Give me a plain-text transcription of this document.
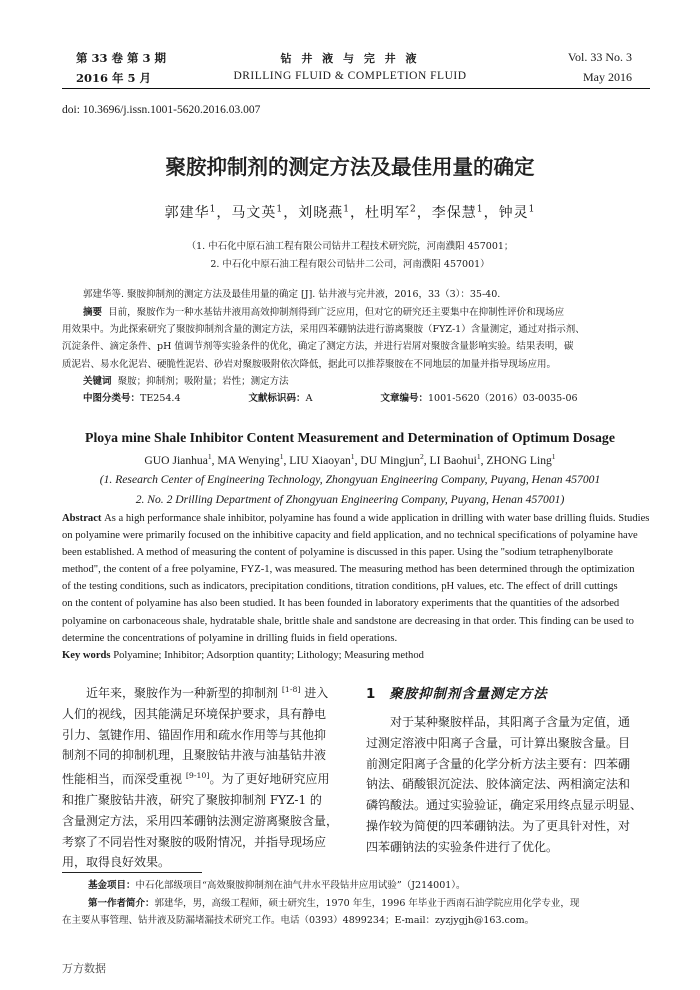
第 33 卷 第 3 期
2016 年 5 月
钻 井 液 与 完 井 液
DRILLING FLUID & COMPLETION FLUID
Vol. 33 No. 3
May 2016
doi: 10.3696/j.issn.1001-5620.2016.03.007
聚胺抑制剂的测定方法及最佳用量的确定
郭建华$^1$，马文英$^1$，刘晓燕$^1$，杜明军$^2$，李保慧$^1$，钟灵$^1$
（1. 中石化中原石油工程有限公司钻井工程技术研究院，河南濮阳 457001；
2. 中石化中原石油工程有限公司钻井二公司，河南濮阳 457001）
郭建华等. 聚胺抑制剂的测定方法及最佳用量的确定 [J]. 钻井液与完井液，2016，33（3）：35-40.
摘要 目前，聚胺作为一种水基钻井液用高效抑制剂得到广泛应用，但对它的研究还主要集中在抑制性评价和现场应
用效果中。为此探索研究了聚胺抑制剂含量的测定方法，采用四苯硼钠法进行游离聚胺（FYZ-1）含量测定，通过对指示剂、
沉淀条件、滴定条件、pH 值调节剂等实验条件的优化，确定了测定方法，并进行岩屑对聚胺含量影响实验。结果表明，碳
质泥岩、易水化泥岩、硬脆性泥岩、砂岩对聚胺吸附依次降低，据此可以推荐聚胺在不同地层的加量并指导现场应用。
关键词 聚胺；抑制剂；吸附量；岩性；测定方法
中图分类号：TE254.4	文献标识码：A	文章编号：1001-5620（2016）03-0035-06
Ploya mine Shale Inhibitor Content Measurement and Determination of Optimum Dosage
GUO Jianhua$^1$, MA Wenying$^1$, LIU Xiaoyan$^1$, DU Mingjun$^2$, LI Baohui$^1$, ZHONG Ling$^1$
(1. Research Center of Engineering Technology, Zhongyuan Engineering Company, Puyang, Henan 457001
2. No. 2 Drilling Department of Zhongyuan Engineering Company, Puyang, Henan 457001)
Abstract As a high performance shale inhibitor, polyamine has found a wide application in drilling with water base drilling fluids. Studies
on polyamine were primarily focused on the inhibitive capacity and field application, and no technical specifications of polyamine have
been established. A method of measuring the content of polyamine is discussed in this paper. Using the "sodium tetraphenylborate
method", the content of a free polyamine, FYZ-1, was measured. The measuring method has been determined through the optimization
of the testing conditions, such as indicators, precipitation conditions, titration conditions, pH values, etc. The effect of drill cuttings
on the content of polyamine has also been studied. It has been founded in laboratory experiments that the quantities of the adsorbed
polyamine on carbonaceous shale, hydratable shale, brittle shale and sandstone are decreasing in that order. This finding can be used to
determine the concentrations of polyamine in drilling fluids in field operations.
Key words Polyamine; Inhibitor; Adsorption quantity; Lithology; Measuring method
近年来，聚胺作为一种新型的抑制剂 [1-8] 进入
人们的视线，因其能满足环境保护要求，具有静电
引力、氢键作用、锚固作用和疏水作用等与其他抑
制剂不同的抑制机理，且聚胺钻井液与油基钻井液
性能相当，而深受重视 [9-10]。为了更好地研究应用
和推广聚胺钻井液，研究了聚胺抑制剂 FYZ-1 的
含量测定方法，采用四苯硼钠法测定游离聚胺含量，
考察了不同岩性对聚胺的吸附情况，并指导现场应
用，取得良好效果。
1 聚胺抑制剂含量测定方法
对于某种聚胺样品，其阳离子含量为定值，通
过测定溶液中阳离子含量，可计算出聚胺含量。目
前测定阳离子含量的化学分析方法主要有：四苯硼
钠法、硝酸银沉淀法、胶体滴定法、两相滴定法和
磷钨酸法。通过实验验证，确定采用终点显示明显、
操作较为简便的四苯硼钠法。为了更具针对性，对
四苯硼钠法的实验条件进行了优化。
基金项目：中石化部级项目“高效聚胺抑制剂在油气井水平段钻井应用试验”（J214001）。
第一作者简介：郭建华，男，高级工程师，硕士研究生，1970 年生，1996 年毕业于西南石油学院应用化学专业，现
在主要从事管理、钻井液及防漏堵漏技术研究工作。电话（0393）4899234；E-mail：zyzjygjh@163.com。
万方数据
